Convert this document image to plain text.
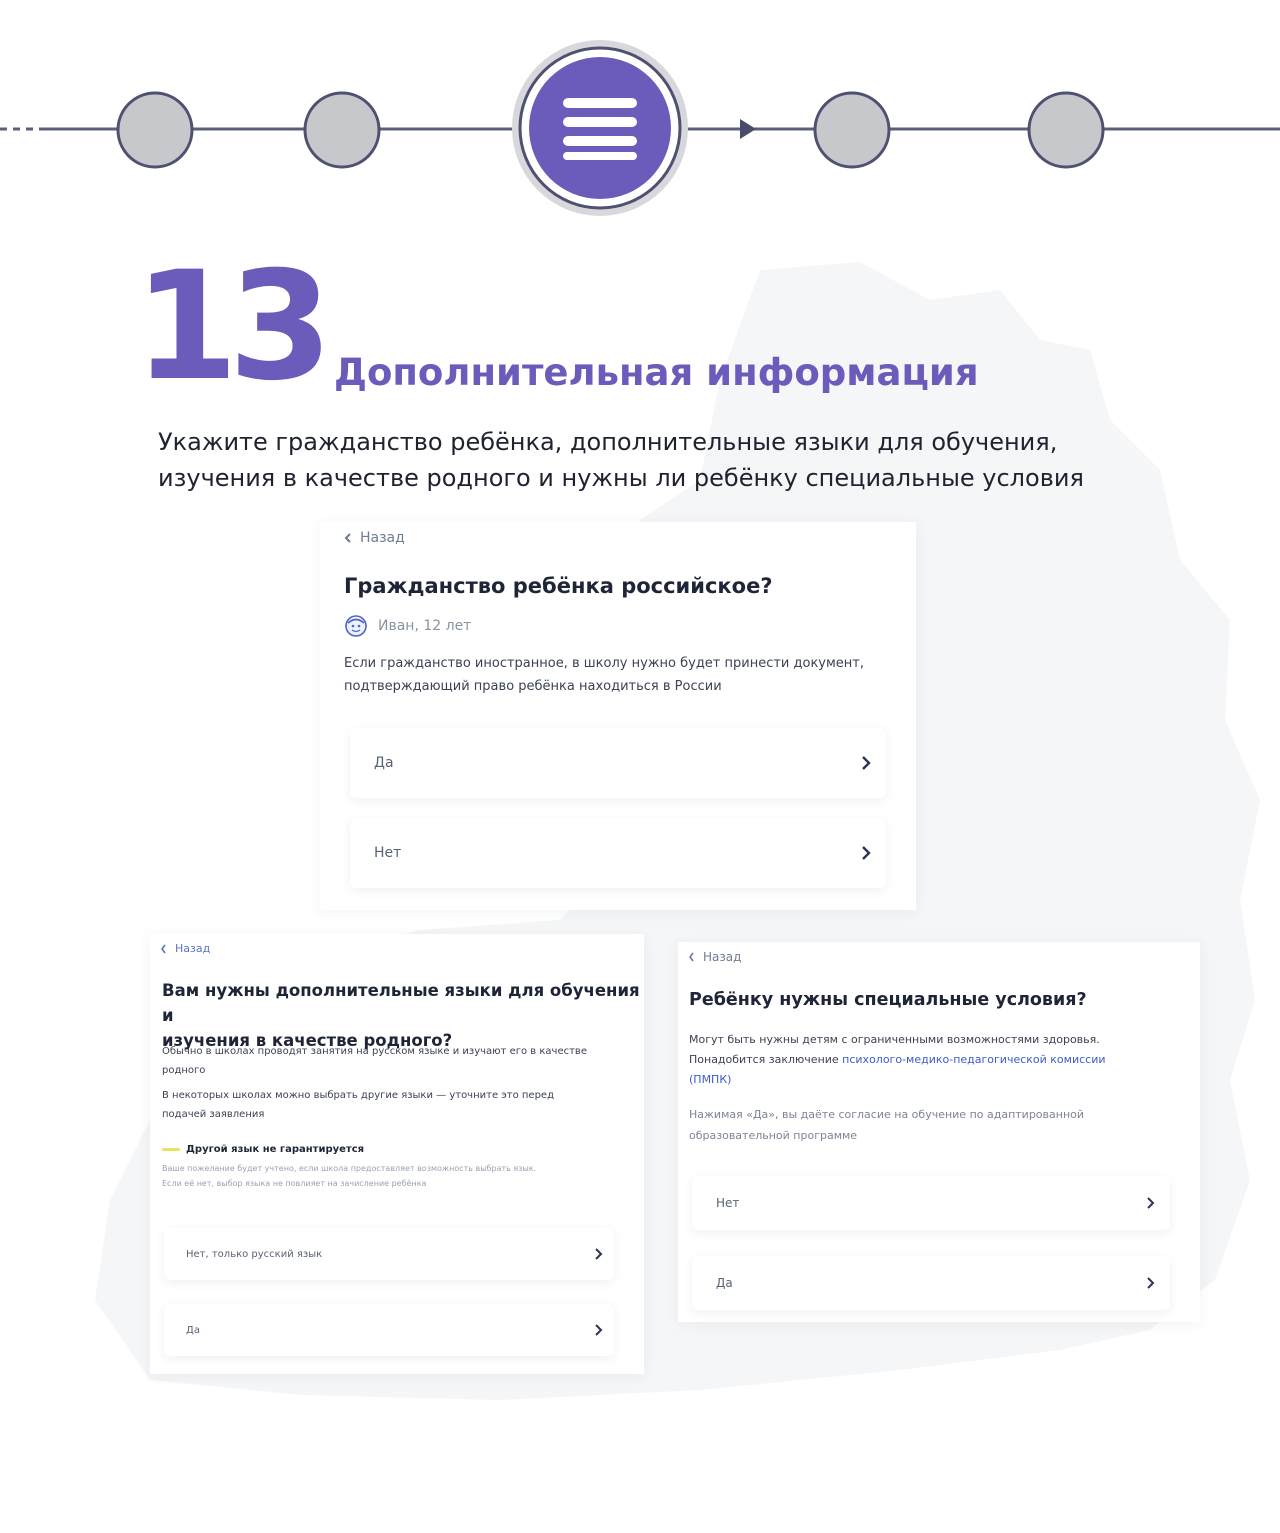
13 Дополнительная информация
Укажите гражданство ребёнка, дополнительные языки для обучения,
изучения в качестве родного и нужны ли ребёнку специальные условия
Назад
Гражданство ребёнка российское?
Иван, 12 лет
Если гражданство иностранное, в школу нужно будет принести документ,
подтверждающий право ребёнка находиться в России
Да
Нет
Назад
Вам нужны дополнительные языки для обучения и
изучения в качестве родного?
Обычно в школах проводят занятия на русском языке и изучают его в качестве
родного
В некоторых школах можно выбрать другие языки — уточните это перед
подачей заявления
Другой язык не гарантируется
Ваше пожелание будет учтено, если школа предоставляет возможность выбрать язык.
Если её нет, выбор языка не повлияет на зачисление ребёнка
Нет, только русский язык
Да
Назад
Ребёнку нужны специальные условия?
Могут быть нужны детям с ограниченными возможностями здоровья.
Понадобится заключение психолого-медико-педагогической комиссии
(ПМПК)
Нажимая «Да», вы даёте согласие на обучение по адаптированной
образовательной программе
Нет
Да
